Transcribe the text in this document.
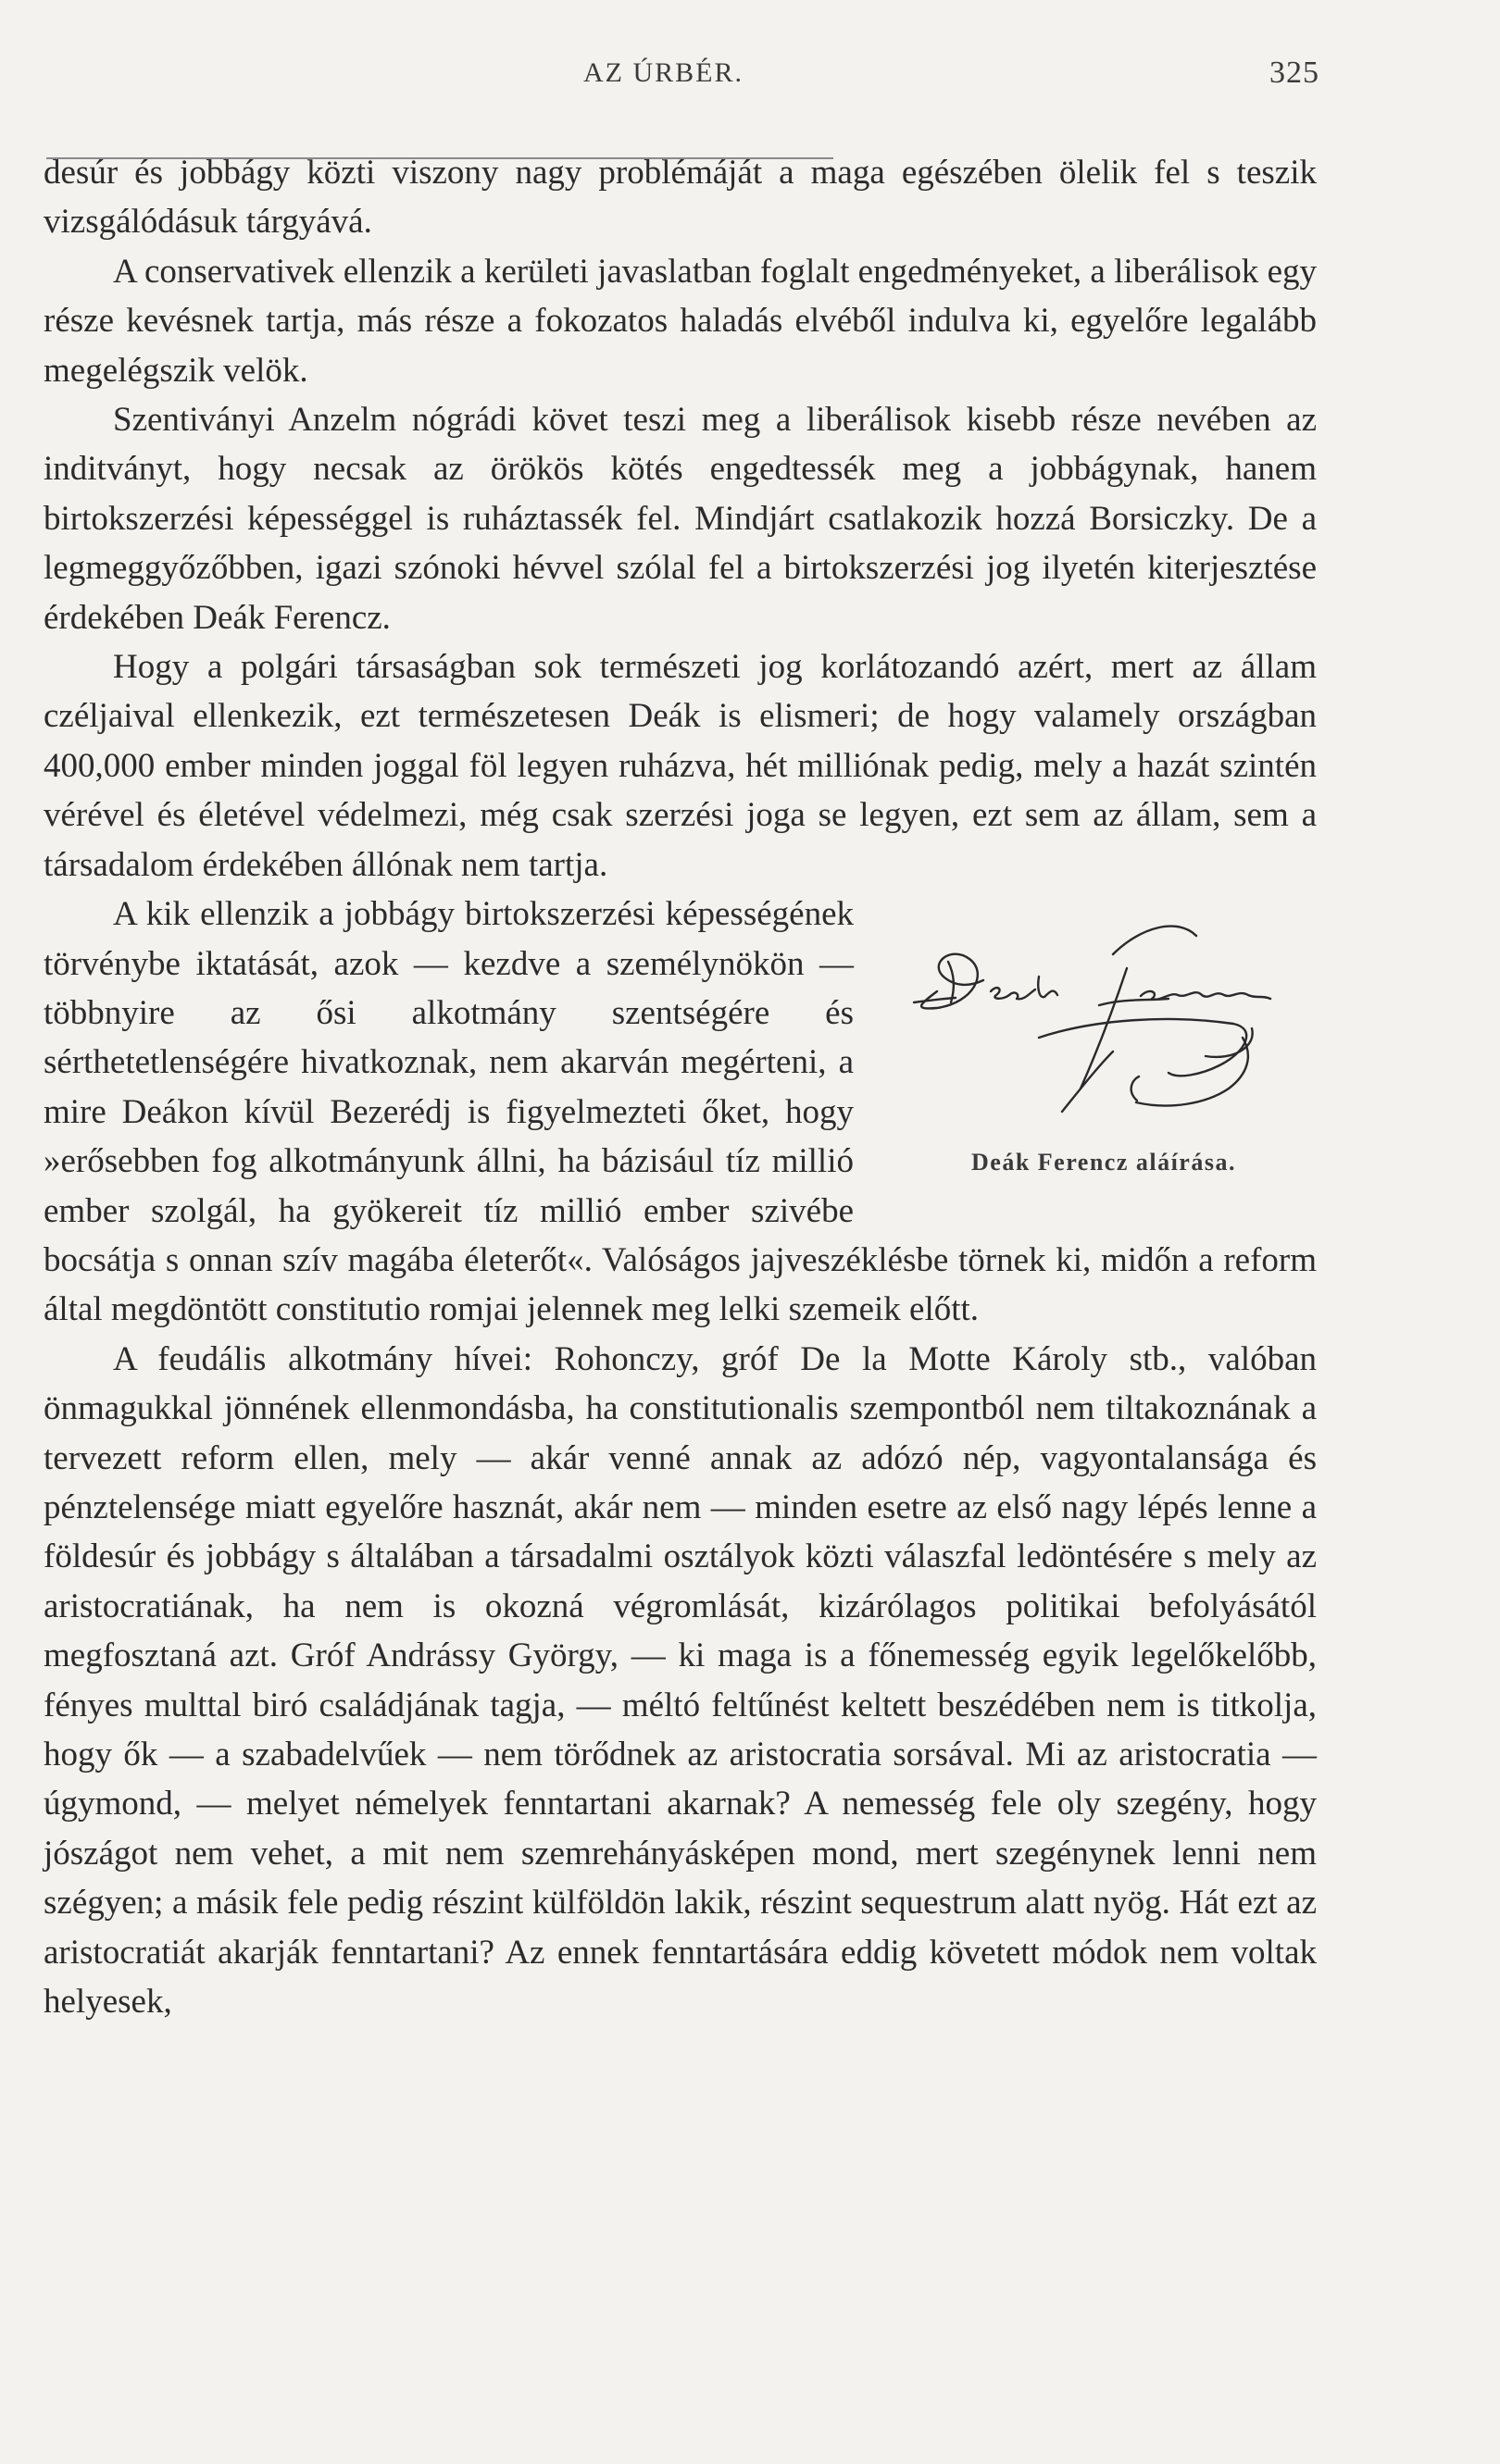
AZ ÚRBÉR.	325

desúr és jobbágy közti viszony nagy problémáját a maga egészében ölelik fel s teszik vizsgálódásuk tárgyává.

A conservativek ellenzik a kerületi javaslatban foglalt engedményeket, a liberálisok egy része kevésnek tartja, más része a fokozatos haladás elvéből indulva ki, egyelőre legalább megelégszik velök.

Szentiványi Anzelm nógrádi követ teszi meg a liberálisok kisebb része nevében az inditványt, hogy necsak az örökös kötés engedtessék meg a jobbágynak, hanem birtokszerzési képességgel is ruháztassék fel. Mindjárt csatlakozik hozzá Borsiczky. De a legmeggyőzőbben, igazi szónoki hévvel szólal fel a birtokszerzési jog ilyetén kiterjesztése érdekében Deák Ferencz.

Hogy a polgári társaságban sok természeti jog korlátozandó azért, mert az állam czéljaival ellenkezik, ezt természetesen Deák is elismeri; de hogy valamely országban 400,000 ember minden joggal föl legyen ruházva, hét milliónak pedig, mely a hazát szintén vérével és életével védelmezi, még csak szerzési joga se legyen, ezt sem az állam, sem a társadalom érdekében állónak nem tartja.

Deák Ferencz aláírása.

A kik ellenzik a jobbágy birtokszerzési képességének törvénybe iktatását, azok — kezdve a személynökön — többnyire az ősi alkotmány szentségére és sérthetetlenségére hivatkoznak, nem akarván megérteni, a mire Deákon kívül Bezerédj is figyelmezteti őket, hogy »erősebben fog alkotmányunk állni, ha bázisául tíz millió ember szolgál, ha gyökereit tíz millió ember szivébe bocsátja s onnan szív magába életerőt«. Valóságos jajveszéklésbe törnek ki, midőn a reform által megdöntött constitutio romjai jelennek meg lelki szemeik előtt.

A feudális alkotmány hívei: Rohonczy, gróf De la Motte Károly stb., valóban önmagukkal jönnének ellenmondásba, ha constitutionalis szempontból nem tiltakoznának a tervezett reform ellen, mely — akár venné annak az adózó nép, vagyontalansága és pénztelensége miatt egyelőre hasznát, akár nem — minden esetre az első nagy lépés lenne a földesúr és jobbágy s általában a társadalmi osztályok közti válaszfal ledöntésére s mely az aristocratiának, ha nem is okozná végromlását, kizárólagos politikai befolyásától megfosztaná azt. Gróf Andrássy György, — ki maga is a főnemesség egyik legelőkelőbb, fényes multtal biró családjának tagja, — méltó feltűnést keltett beszédében nem is titkolja, hogy ők — a szabadelvűek — nem törődnek az aristocratia sorsával. Mi az aristocratia — úgymond, — melyet némelyek fenntartani akarnak? A nemesség fele oly szegény, hogy jószágot nem vehet, a mit nem szemrehányásképen mond, mert szegénynek lenni nem szégyen; a másik fele pedig részint külföldön lakik, részint sequestrum alatt nyög. Hát ezt az aristocratiát akarják fenntartani? Az ennek fenntartására eddig követett módok nem voltak helyesek,
